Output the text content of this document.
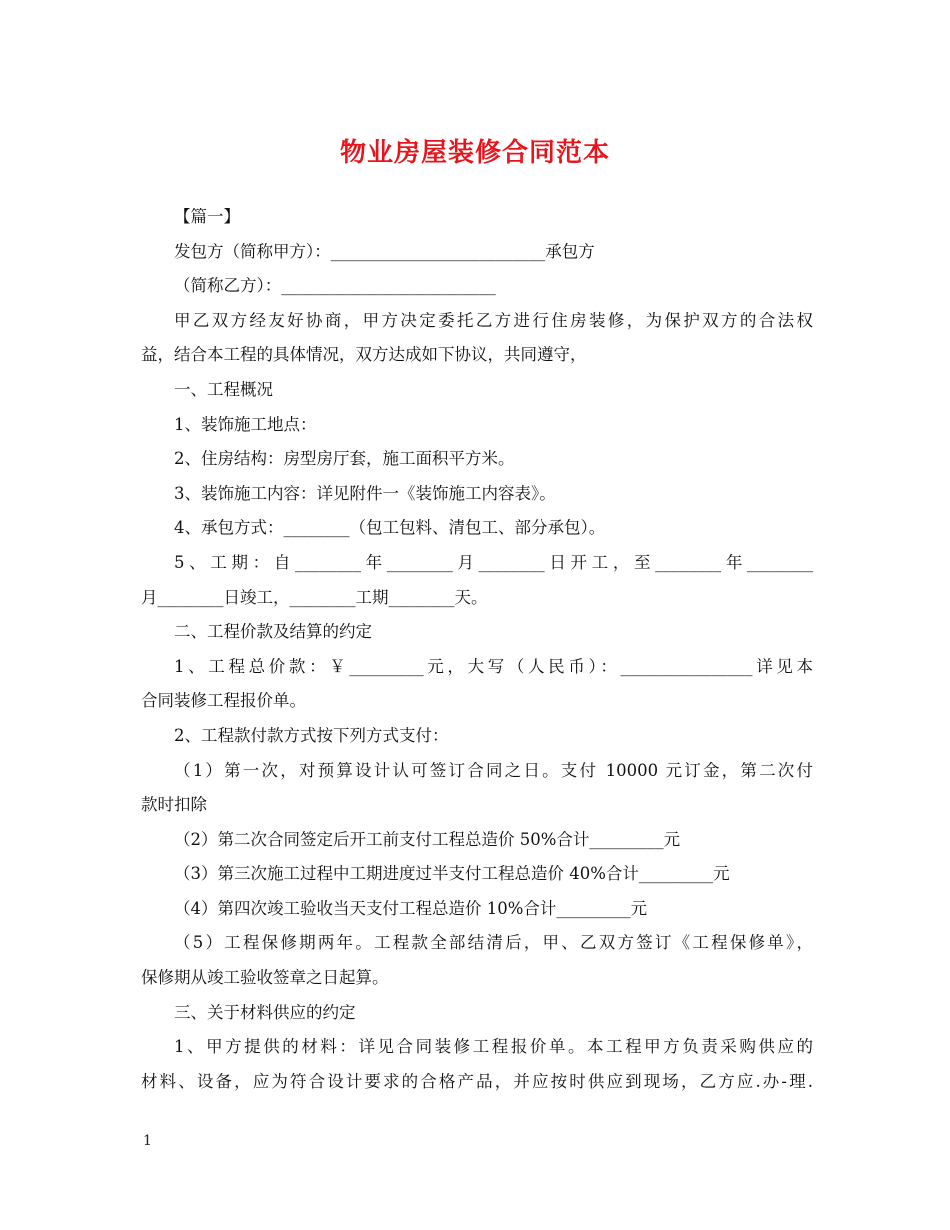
物业房屋装修合同范本
【篇一】
发包方（简称甲方）：__________________________承包方
（简称乙方）：__________________________
甲乙双方经友好协商，甲方决定委托乙方进行住房装修，为保护双方的合法权
益，结合本工程的具体情况，双方达成如下协议，共同遵守，
一、工程概况
1、装饰施工地点：
2、住房结构：房型房厅套，施工面积平方米。
3、装饰施工内容：详见附件一《装饰施工内容表》。
4、承包方式：________（包工包料、清包工、部分承包）。
5、工期：自________年________月________日开工，至________年________
月________日竣工，________工期________天。
二、工程价款及结算的约定
1、工程总价款：￥_________元，大写（人民币）：________________详见本
合同装修工程报价单。
2、工程款付款方式按下列方式支付：
（1）第一次，对预算设计认可签订合同之日。支付 10000 元订金，第二次付
款时扣除
（2）第二次合同签定后开工前支付工程总造价 50%合计_________元
（3）第三次施工过程中工期进度过半支付工程总造价 40%合计_________元
（4）第四次竣工验收当天支付工程总造价 10%合计_________元
（5）工程保修期两年。工程款全部结清后，甲、乙双方签订《工程保修单》，
保修期从竣工验收签章之日起算。
三、关于材料供应的约定
1、甲方提供的材料：详见合同装修工程报价单。本工程甲方负责采购供应的
材料、设备，应为符合设计要求的合格产品，并应按时供应到现场，乙方应.办-理.
1
